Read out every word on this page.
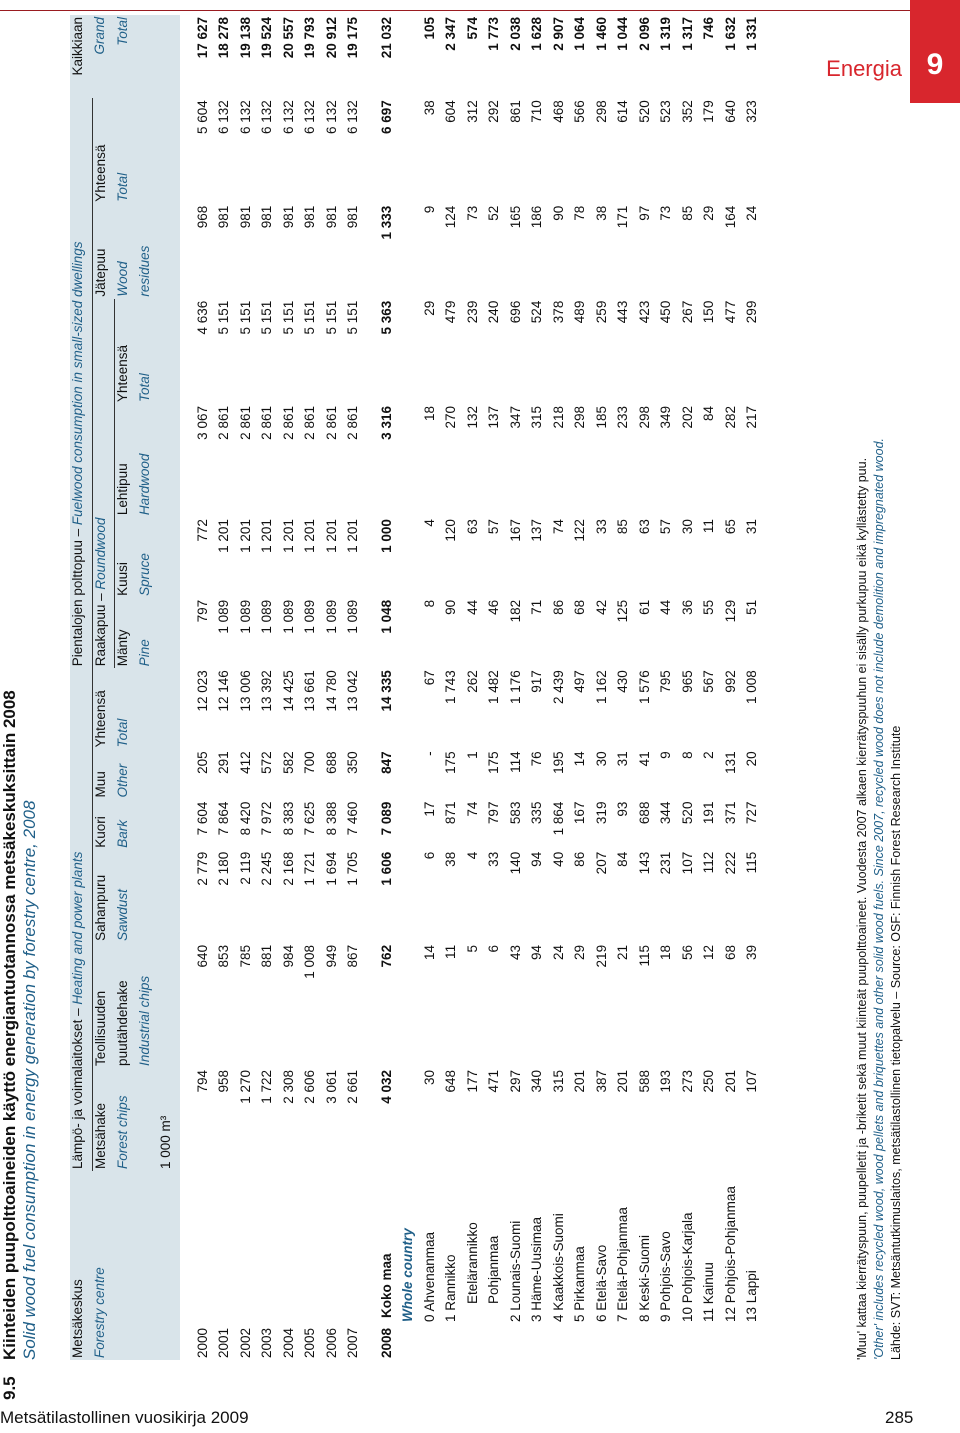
9
Energia
Metsätilastollinen vuosikirja 2009	285
9.5
Kiinteiden puupolttoaineiden käyttö energiantuotannossa metsäkeskuksittain 2008 Solid wood fuel consumption in energy generation by forestry centre, 2008 Metsäkeskus	Lämpö- ja voimalaitokset – Heating and power plants						Pientalojen polttopuu – Fuelwood consumption in small-sized dwellings						Kaikkiaan
Forestry centre	Metsähake	Teollisuuden	Sahanpuru	Kuori	Muu	Yhteensä	Raakapuu – Roundwood				Jätepuu	Yhteensä	Grand
	Forest chips	puutähdehake	Sawdust	Bark	Other	Total	Mänty	Kuusi	Lehtipuu	Yhteensä	Wood	Total	Total
		Industrial chips					Pine	Spruce	Hardwood	Total	residues		
	1 000 m³												

2000	794	640	2 779	7 604	205	12 023	797	772	3 067	4 636	968	5 604	17 627
2001	958	853	2 180	7 864	291	12 146	1 089	1 201	2 861	5 151	981	6 132	18 278
2002	1 270	785	2 119	8 420	412	13 006	1 089	1 201	2 861	5 151	981	6 132	19 138
2003	1 722	881	2 245	7 972	572	13 392	1 089	1 201	2 861	5 151	981	6 132	19 524
2004	2 308	984	2 168	8 383	582	14 425	1 089	1 201	2 861	5 151	981	6 132	20 557
2005	2 606	1 008	1 721	7 625	700	13 661	1 089	1 201	2 861	5 151	981	6 132	19 793
2006	3 061	949	1 694	8 388	688	14 780	1 089	1 201	2 861	5 151	981	6 132	20 912
2007	2 661	867	1 705	7 460	350	13 042	1 089	1 201	2 861	5 151	981	6 132	19 175

2008Koko maa	4 032	762	1 606	7 089	847	14 335	1 048	1 000	3 316	5 363	1 333	6 697	21 032
Whole country													
0 Ahvenanmaa	30	14	6	17	-	67	8	4	18	29	9	38	105
1 Rannikko	648	11	38	871	175	1 743	90	120	270	479	124	604	2 347
Etelärannikko	177	5	4	74	1	262	44	63	132	239	73	312	574
Pohjanmaa	471	6	33	797	175	1 482	46	57	137	240	52	292	1 773
2 Lounais-Suomi	297	43	140	583	114	1 176	182	167	347	696	165	861	2 038
3 Häme-Uusimaa	340	94	94	335	76	917	71	137	315	524	186	710	1 628
4 Kaakkois-Suomi	315	24	40	1 864	195	2 439	86	74	218	378	90	468	2 907
5 Pirkanmaa	201	29	86	167	14	497	68	122	298	489	78	566	1 064
6 Etelä-Savo	387	219	207	319	30	1 162	42	33	185	259	38	298	1 460
7 Etelä-Pohjanmaa	201	21	84	93	31	430	125	85	233	443	171	614	1 044
8 Keski-Suomi	588	115	143	688	41	1 576	61	63	298	423	97	520	2 096
9 Pohjois-Savo	193	18	231	344	9	795	44	57	349	450	73	523	1 319
10 Pohjois-Karjala	273	56	107	520	8	965	36	30	202	267	85	352	1 317
11 Kainuu	250	12	112	191	2	567	55	11	84	150	29	179	746
12 Pohjois-Pohjanmaa	201	68	222	371	131	992	129	65	282	477	164	640	1 632
13 Lappi	107	39	115	727	20	1 008	51	31	217	299	24	323	1 331
'Muu' kattaa kierrätyspuun, puupelletit ja -briketit sekä muut kiinteät puupolttoaineet. Vuodesta 2007 alkaen kierrätyspuuhun ei sisälly purkupuu eikä kyllästetty puu. 'Other' includes recycled wood, wood pellets and briquettes and other solid wood fuels. Since 2007, recycled wood does not include demolition and impregnated wood. Lähde: SVT: Metsäntutkimuslaitos, metsätilastollinen tietopalvelu – Source: OSF: Finnish Forest Research Institute
